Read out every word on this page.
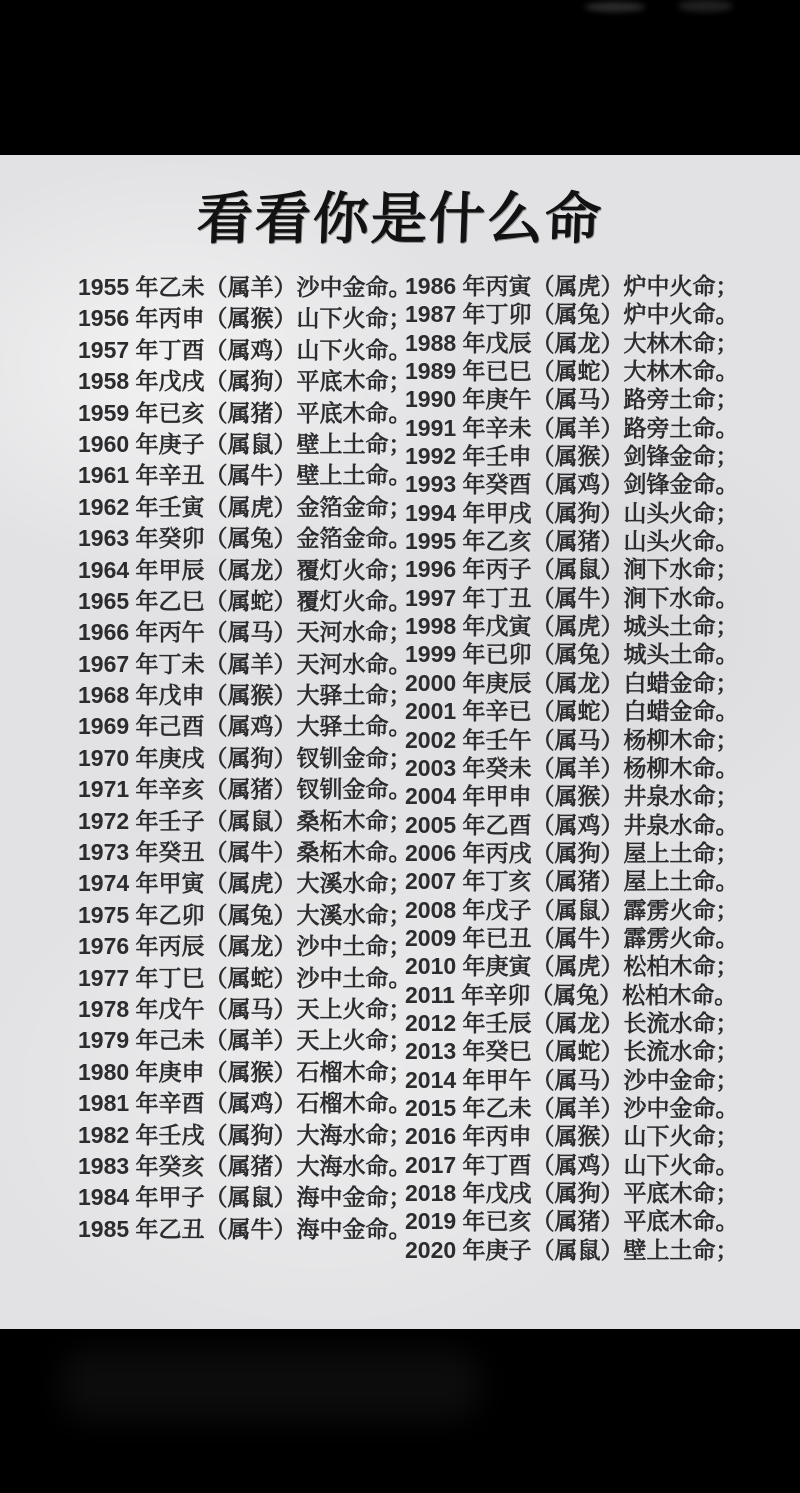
看看你是什么命
1955 年乙未（属羊）沙中金命。
1956 年丙申（属猴）山下火命；
1957 年丁酉（属鸡）山下火命。
1958 年戊戌（属狗）平底木命；
1959 年已亥（属猪）平底木命。
1960 年庚子（属鼠）壁上土命；
1961 年辛丑（属牛）壁上土命。
1962 年壬寅（属虎）金箔金命；
1963 年癸卯（属兔）金箔金命。
1964 年甲辰（属龙）覆灯火命；
1965 年乙巳（属蛇）覆灯火命。
1966 年丙午（属马）天河水命；
1967 年丁未（属羊）天河水命。
1968 年戊申（属猴）大驿土命；
1969 年己酉（属鸡）大驿土命。
1970 年庚戌（属狗）钗钏金命；
1971 年辛亥（属猪）钗钏金命。
1972 年壬子（属鼠）桑柘木命；
1973 年癸丑（属牛）桑柘木命。
1974 年甲寅（属虎）大溪水命；
1975 年乙卯（属兔）大溪水命；
1976 年丙辰（属龙）沙中土命；
1977 年丁巳（属蛇）沙中土命。
1978 年戊午（属马）天上火命；
1979 年己未（属羊）天上火命；
1980 年庚申（属猴）石榴木命；
1981 年辛酉（属鸡）石榴木命。
1982 年壬戌（属狗）大海水命；
1983 年癸亥（属猪）大海水命。
1984 年甲子（属鼠）海中金命；
1985 年乙丑（属牛）海中金命。
1986 年丙寅（属虎）炉中火命；
1987 年丁卯（属兔）炉中火命。
1988 年戊辰（属龙）大林木命；
1989 年已巳（属蛇）大林木命。
1990 年庚午（属马）路旁土命；
1991 年辛未（属羊）路旁土命。
1992 年壬申（属猴）剑锋金命；
1993 年癸酉（属鸡）剑锋金命。
1994 年甲戌（属狗）山头火命；
1995 年乙亥（属猪）山头火命。
1996 年丙子（属鼠）涧下水命；
1997 年丁丑（属牛）涧下水命。
1998 年戊寅（属虎）城头土命；
1999 年已卯（属兔）城头土命。
2000 年庚辰（属龙）白蜡金命；
2001 年辛已（属蛇）白蜡金命。
2002 年壬午（属马）杨柳木命；
2003 年癸未（属羊）杨柳木命。
2004 年甲申（属猴）井泉水命；
2005 年乙酉（属鸡）井泉水命。
2006 年丙戌（属狗）屋上土命；
2007 年丁亥（属猪）屋上土命。
2008 年戊子（属鼠）霹雳火命；
2009 年已丑（属牛）霹雳火命。
2010 年庚寅（属虎）松柏木命；
2011 年辛卯（属兔）松柏木命。
2012 年壬辰（属龙）长流水命；
2013 年癸巳（属蛇）长流水命；
2014 年甲午（属马）沙中金命；
2015 年乙未（属羊）沙中金命。
2016 年丙申（属猴）山下火命；
2017 年丁酉（属鸡）山下火命。
2018 年戊戌（属狗）平底木命；
2019 年已亥（属猪）平底木命。
2020 年庚子（属鼠）壁上土命；
